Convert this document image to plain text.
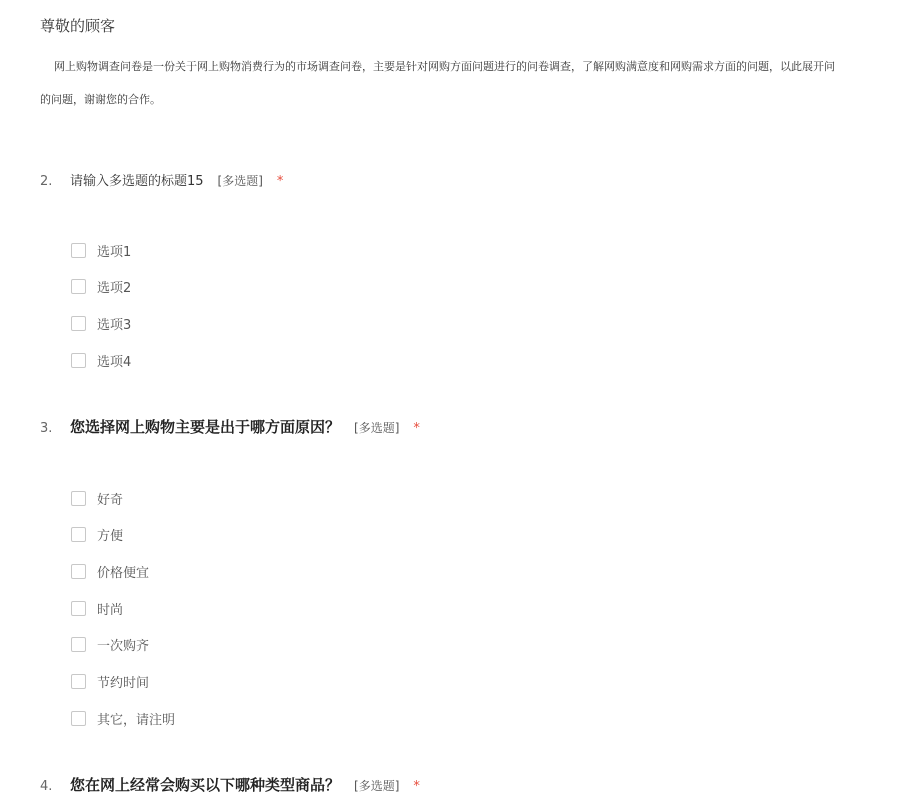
尊敬的顾客
网上购物调查问卷是一份关于网上购物消费行为的市场调查问卷，主要是针对网购方面问题进行的问卷调查，了解网购满意度和网购需求方面的问题，以此展开问
的问题，谢谢您的合作。
2.	请输入多选题的标题15 [多选题] *
选项1
选项2
选项3
选项4
3.	您选择网上购物主要是出于哪方面原因？ [多选题] *
好奇
方便
价格便宜
时尚
一次购齐
节约时间
其它，请注明
4.	您在网上经常会购买以下哪种类型商品？ [多选题] *
